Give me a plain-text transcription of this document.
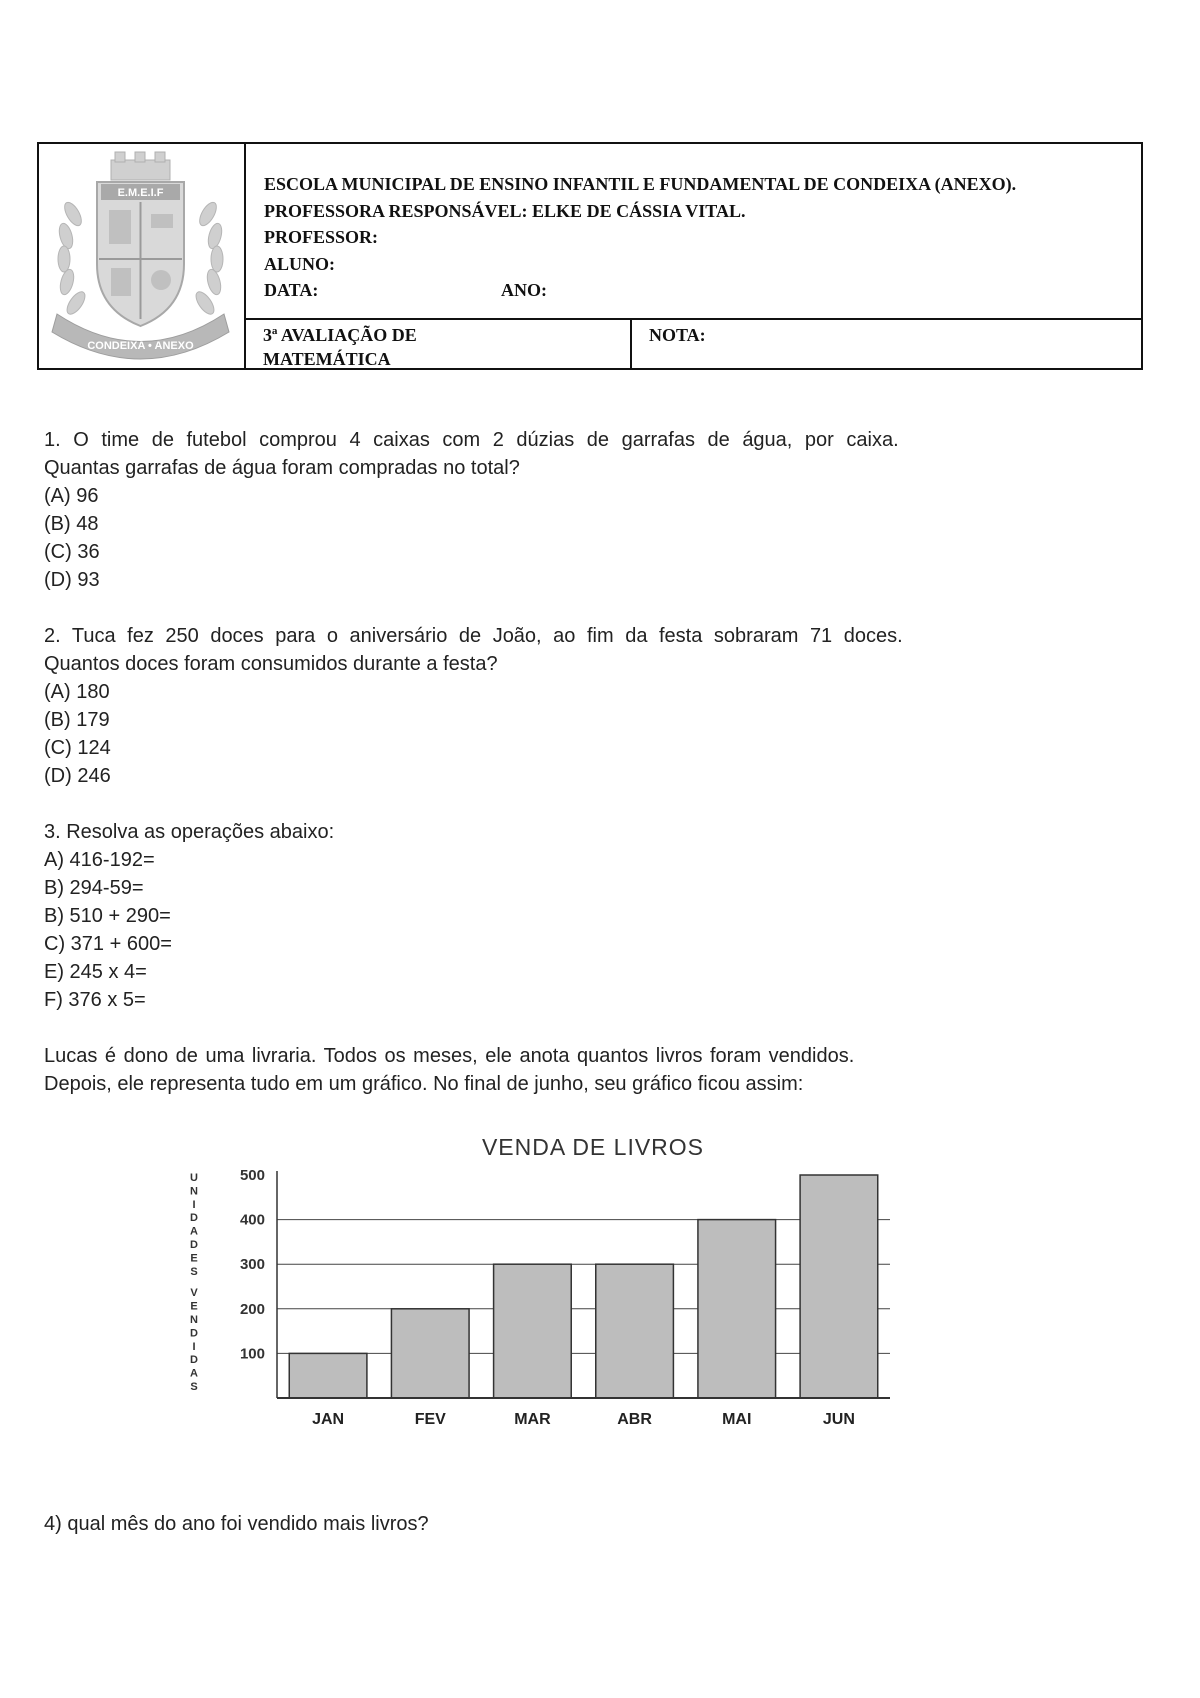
E.M.E.I.F
CONDEIXA • ANEXO
ESCOLA MUNICIPAL DE ENSINO INFANTIL E FUNDAMENTAL DE CONDEIXA (ANEXO).
PROFESSORA RESPONSÁVEL: ELKE DE CÁSSIA VITAL.
PROFESSOR:
ALUNO:
DATA:	ANO:
3ª AVALIAÇÃO DE
MATEMÁTICA
NOTA:
1. O time de futebol comprou 4 caixas com 2 dúzias de garrafas de água, por caixa.
Quantas garrafas de água foram compradas no total?
(A) 96
(B) 48
(C) 36
(D) 93
2. Tuca fez 250 doces para o aniversário de João, ao fim da festa sobraram 71 doces.
Quantos doces foram consumidos durante a festa?
(A) 180
(B) 179
(C) 124
(D) 246
3. Resolva as operações abaixo:
A) 416-192=
B) 294-59=
B) 510 + 290=
C) 371 + 600=
E) 245 x 4=
F) 376 x 5=
Lucas é dono de uma livraria. Todos os meses, ele anota quantos livros foram vendidos.
Depois, ele representa tudo em um gráfico. No final de junho, seu gráfico ficou assim:
VENDA DE LIVROS
U
N
I
D
A
D
E
S
V
E
N
D
I
D
A
S
100
200
300
400
500
JAN	FEV	MAR	ABR	MAI	JUN
4) qual mês do ano foi vendido mais livros?
